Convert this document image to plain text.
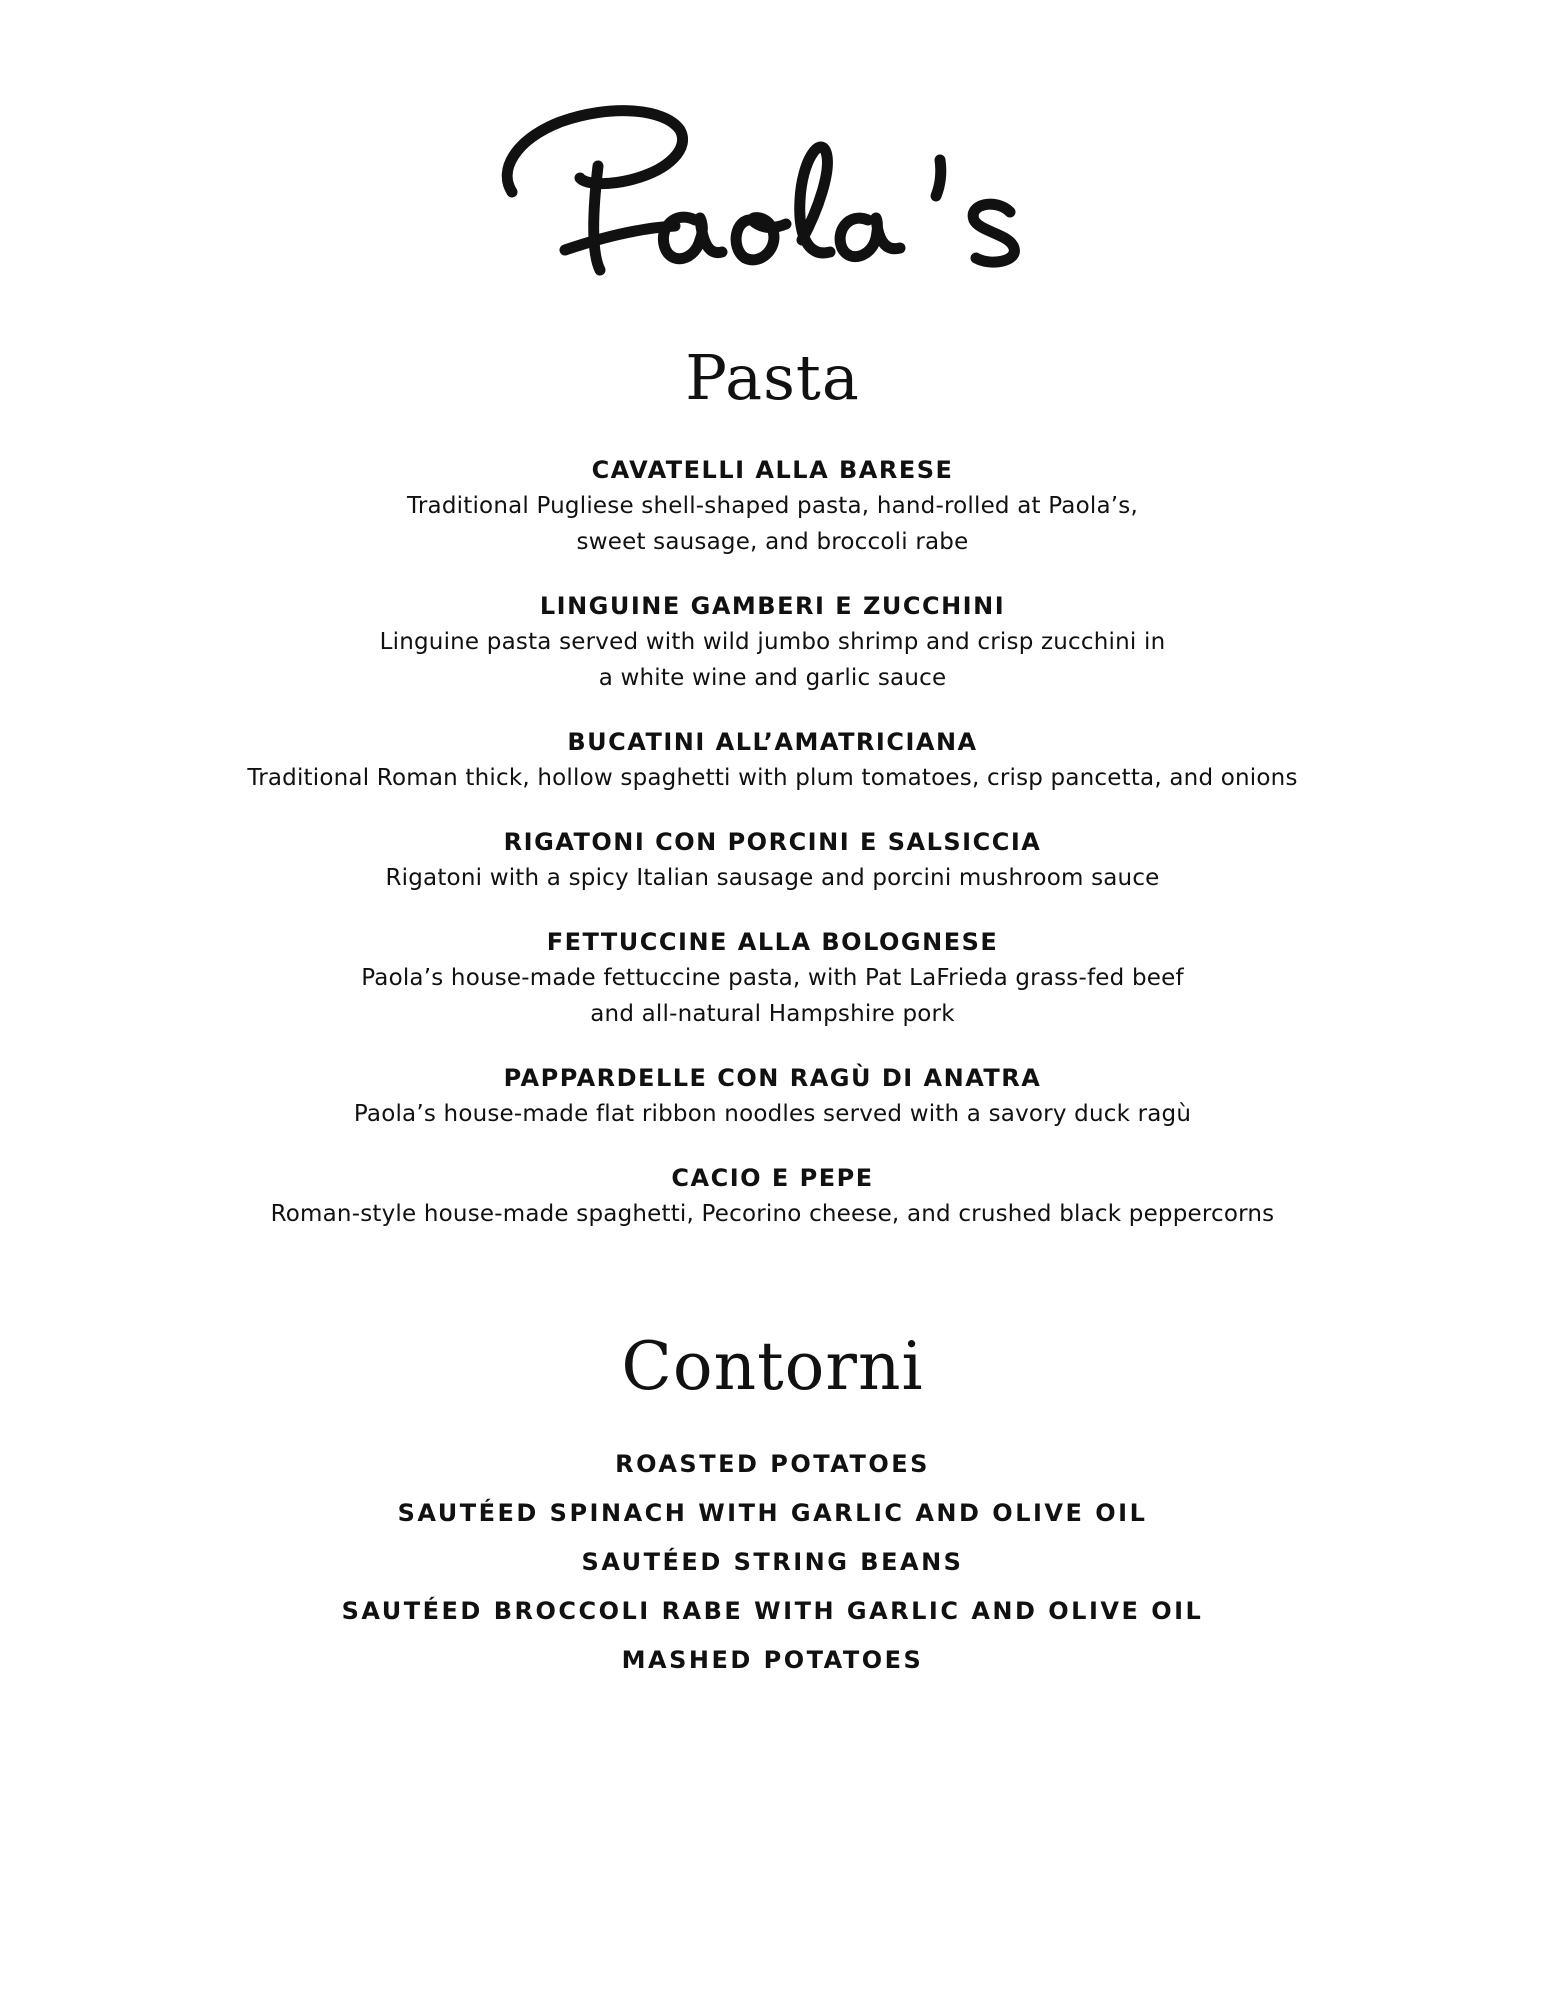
Pasta
CAVATELLI ALLA BARESE
Traditional Pugliese shell-shaped pasta, hand-rolled at Paola’s,
sweet sausage, and broccoli rabe
LINGUINE GAMBERI E ZUCCHINI
Linguine pasta served with wild jumbo shrimp and crisp zucchini in
a white wine and garlic sauce
BUCATINI ALL’AMATRICIANA
Traditional Roman thick, hollow spaghetti with plum tomatoes, crisp pancetta, and onions
RIGATONI CON PORCINI E SALSICCIA
Rigatoni with a spicy Italian sausage and porcini mushroom sauce
FETTUCCINE ALLA BOLOGNESE
Paola’s house-made fettuccine pasta, with Pat LaFrieda grass-fed beef
and all-natural Hampshire pork
PAPPARDELLE CON RAGÙ DI ANATRA
Paola’s house-made flat ribbon noodles served with a savory duck ragù
CACIO E PEPE
Roman-style house-made spaghetti, Pecorino cheese, and crushed black peppercorns
Contorni
ROASTED POTATOES
SAUTÉED SPINACH WITH GARLIC AND OLIVE OIL
SAUTÉED STRING BEANS
SAUTÉED BROCCOLI RABE WITH GARLIC AND OLIVE OIL
MASHED POTATOES
